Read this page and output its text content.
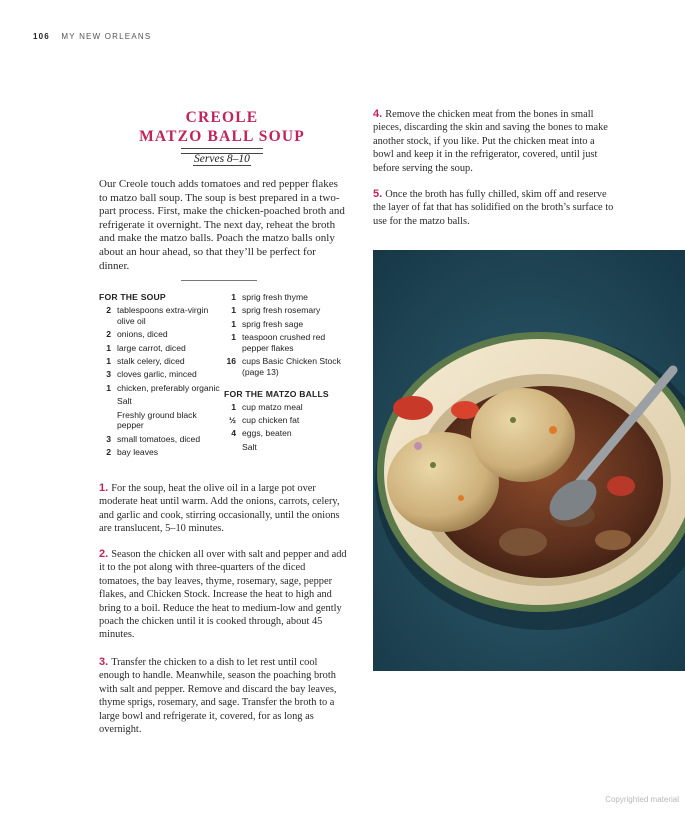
106 MY NEW ORLEANS
CREOLE
MATZO BALL SOUP
Serves 8–10
Our Creole touch adds tomatoes and red pepper flakes to matzo ball soup. The soup is best prepared in a two-part process. First, make the chicken-poached broth and refrigerate it overnight. The next day, reheat the broth and make the matzo balls. Poach the matzo balls only about an hour ahead, so that they’ll be perfect for dinner.
FOR THE SOUP
2 tablespoons extra-virgin olive oil
2 onions, diced
1 large carrot, diced
1 stalk celery, diced
3 cloves garlic, minced
1 chicken, preferably organic
Salt
Freshly ground black pepper
3 small tomatoes, diced
2 bay leaves
1 sprig fresh thyme
1 sprig fresh rosemary
1 sprig fresh sage
1 teaspoon crushed red pepper flakes
16 cups Basic Chicken Stock (page 13)
FOR THE MATZO BALLS
1 cup matzo meal
½ cup chicken fat
4 eggs, beaten
Salt
1. For the soup, heat the olive oil in a large pot over moderate heat until warm. Add the onions, carrots, celery, and garlic and cook, stirring occasionally, until the onions are translucent, 5–10 minutes.
2. Season the chicken all over with salt and pepper and add it to the pot along with three-quarters of the diced tomatoes, the bay leaves, thyme, rosemary, sage, pepper flakes, and Chicken Stock. Increase the heat to high and bring to a boil. Reduce the heat to medium-low and gently poach the chicken until it is cooked through, about 45 minutes.
3. Transfer the chicken to a dish to let rest until cool enough to handle. Meanwhile, season the poaching broth with salt and pepper. Remove and discard the bay leaves, thyme sprigs, rosemary, and sage. Transfer the broth to a large bowl and refrigerate it, covered, for as long as overnight.
4. Remove the chicken meat from the bones in small pieces, discarding the skin and saving the bones to make another stock, if you like. Put the chicken meat into a bowl and keep it in the refrigerator, covered, until just before serving the soup.
5. Once the broth has fully chilled, skim off and reserve the layer of fat that has solidified on the broth’s surface to use for the matzo balls.
Copyrighted material
